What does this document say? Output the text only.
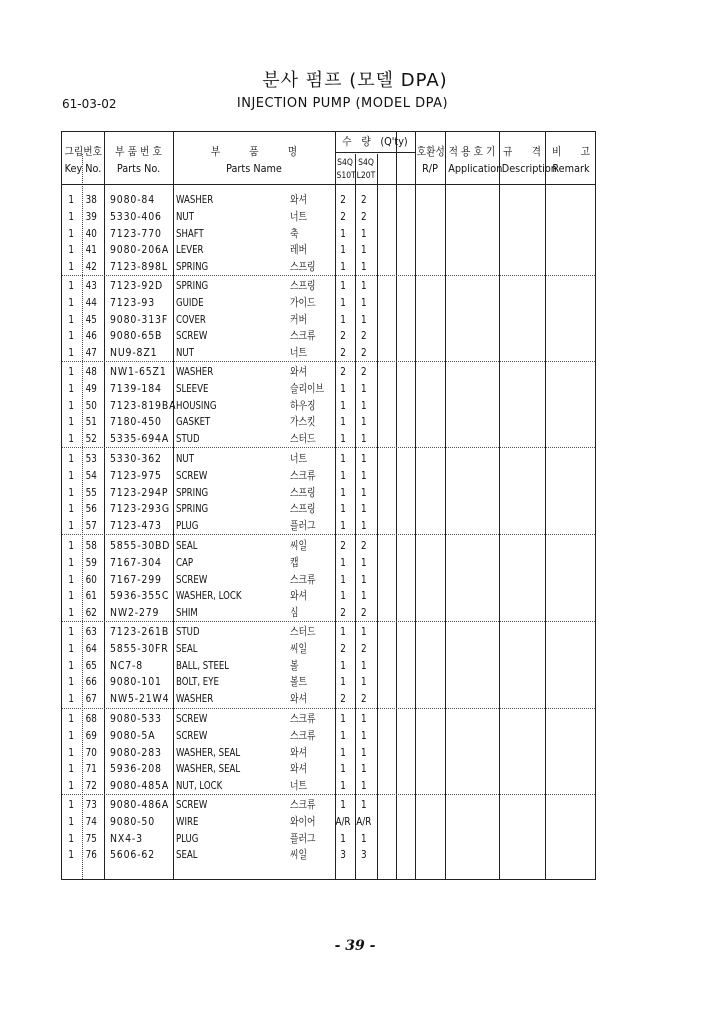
분사 펌프 (모델 DPA)
61-03-02	INJECTION PUMP (MODEL DPA)
그림번호
Key No.
부 품 번 호
Parts No.
부　　　품　　　명
Parts Name
수　량　(Q'ty)
S4Q
S10T
S4Q
L20T
호환성
R/P
적 용 호 기
Application
규　　격
Description
비　　고
Remark
1 38 9080-84 WASHER	와셔	2	2
1 39 5330-406 NUT	너트	2	2
1 40 7123-770 SHAFT	축	1	1
1 41 9080-206A LEVER	레버	1	1
1 42 7123-898L SPRING	스프링	1	1
1 43 7123-92D SPRING	스프링	1	1
1 44 7123-93 GUIDE	가이드	1	1
1 45 9080-313F COVER	커버	1	1
1 46 9080-65B SCREW	스크류	2	2
1 47 NU9-8Z1 NUT	너트	2	2
1 48 NW1-65Z1 WASHER	와셔	2	2
1 49 7139-184 SLEEVE	슬리이브	1	1
1 50 7123-819BA HOUSING	하우징	1	1
1 51 7180-450 GASKET	가스킷	1	1
1 52 5335-694A STUD	스터드	1	1
1 53 5330-362 NUT	너트	1	1
1 54 7123-975 SCREW	스크류	1	1
1 55 7123-294P SPRING	스프링	1	1
1 56 7123-293G SPRING	스프링	1	1
1 57 7123-473 PLUG	플러그	1	1
1 58 5855-30BD SEAL	씨일	2	2
1 59 7167-304 CAP	캡	1	1
1 60 7167-299 SCREW	스크류	1	1
1 61 5936-355C WASHER, LOCK	와셔	1	1
1 62 NW2-279 SHIM	심	2	2
1 63 7123-261B STUD	스터드	1	1
1 64 5855-30FR SEAL	씨일	2	2
1 65 NC7-8	BALL, STEEL	볼	1	1
1 66 9080-101 BOLT, EYE	볼트	1	1
1 67 NW5-21W4 WASHER	와셔	2	2
1 68 9080-533 SCREW	스크류	1	1
1 69 9080-5A SCREW	스크류	1	1
1 70 9080-283 WASHER, SEAL	와셔	1	1
1 71 5936-208 WASHER, SEAL	와셔	1	1
1 72 9080-485A NUT, LOCK	너트	1	1
1 73 9080-486A SCREW	스크류	1	1
1 74 9080-50 WIRE	와이어 A/R A/R
1 75 NX4-3	PLUG	플러그	1	1
1 76 5606-62 SEAL	씨일	3	3
- 39 -
